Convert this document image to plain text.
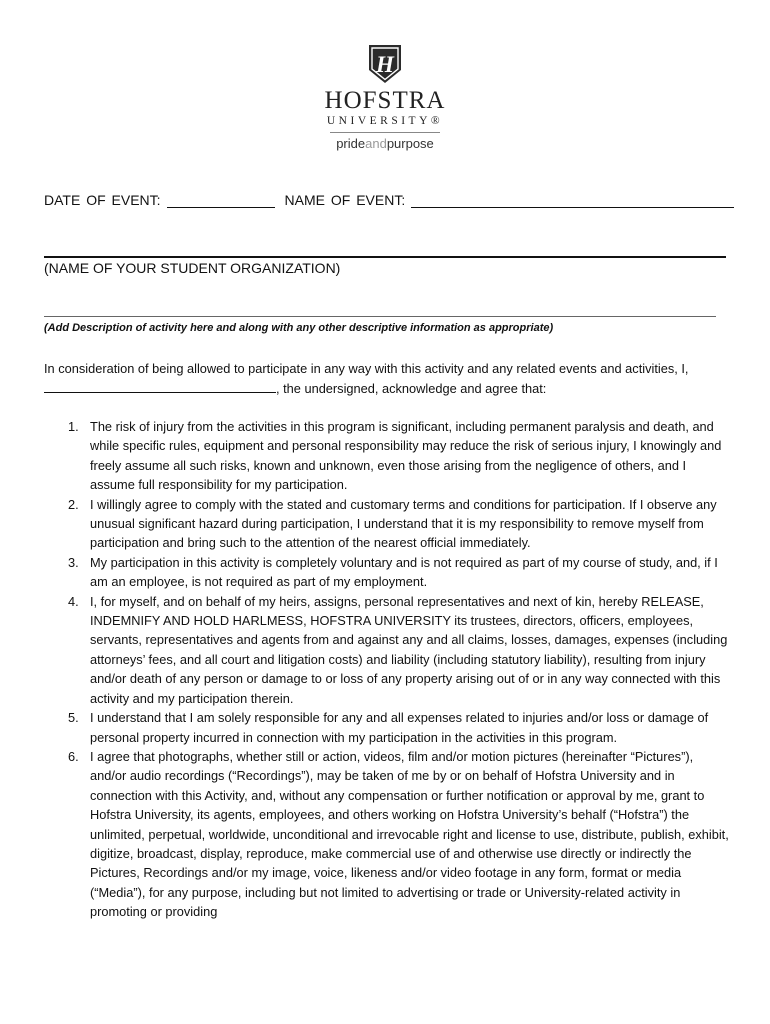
H
HOFSTRA
UNIVERSITY®
prideandpurpose
DATE OF EVENT:	NAME OF EVENT:
(NAME OF YOUR STUDENT ORGANIZATION)
(Add Description of activity here and along with any other descriptive information as appropriate)
In consideration of being allowed to participate in any way with this activity and any related events and activities, I, , the undersigned, acknowledge and agree that:
1. The risk of injury from the activities in this program is significant, including permanent paralysis and death, and while specific rules, equipment and personal responsibility may reduce the risk of serious injury, I knowingly and freely assume all such risks, known and unknown, even those arising from the negligence of others, and I assume full responsibility for my participation.
2. I willingly agree to comply with the stated and customary terms and conditions for participation. If I observe any unusual significant hazard during participation, I understand that it is my responsibility to remove myself from participation and bring such to the attention of the nearest official immediately.
3. My participation in this activity is completely voluntary and is not required as part of my course of study, and, if I am an employee, is not required as part of my employment.
4. I, for myself, and on behalf of my heirs, assigns, personal representatives and next of kin, hereby RELEASE, INDEMNIFY AND HOLD HARLMESS, HOFSTRA UNIVERSITY its trustees, directors, officers, employees, servants, representatives and agents from and against any and all claims, losses, damages, expenses (including attorneys’ fees, and all court and litigation costs) and liability (including statutory liability), resulting from injury and/or death of any person or damage to or loss of any property arising out of or in any way connected with this activity and my participation therein.
5. I understand that I am solely responsible for any and all expenses related to injuries and/or loss or damage of personal property incurred in connection with my participation in the activities in this program.
6. I agree that photographs, whether still or action, videos, film and/or motion pictures (hereinafter “Pictures”), and/or audio recordings (“Recordings”), may be taken of me by or on behalf of Hofstra University and in connection with this Activity, and, without any compensation or further notification or approval by me, grant to Hofstra University, its agents, employees, and others working on Hofstra University’s behalf (“Hofstra”) the unlimited, perpetual, worldwide, unconditional and irrevocable right and license to use, distribute, publish, exhibit, digitize, broadcast, display, reproduce, make commercial use of and otherwise use directly or indirectly the Pictures, Recordings and/or my image, voice, likeness and/or video footage in any form, format or media (“Media”), for any purpose, including but not limited to advertising or trade or University-related activity in promoting or providing
